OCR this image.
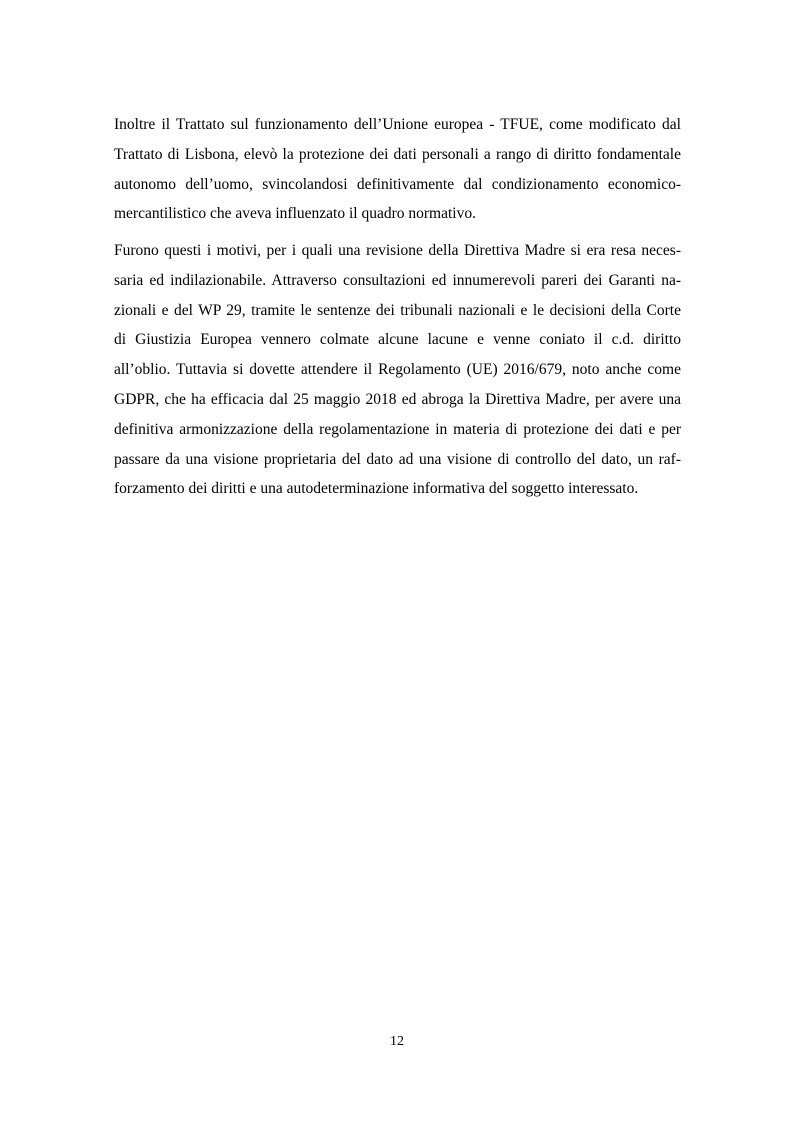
Inoltre il Trattato sul funzionamento dell’Unione europea - TFUE, come modificato dal
Trattato di Lisbona, elevò la protezione dei dati personali a rango di diritto fondamentale
autonomo dell’uomo, svincolandosi definitivamente dal condizionamento economico-
mercantilistico che aveva influenzato il quadro normativo.

Furono questi i motivi, per i quali una revisione della Direttiva Madre si era resa neces-
saria ed indilazionabile. Attraverso consultazioni ed innumerevoli pareri dei Garanti na-
zionali e del WP 29, tramite le sentenze dei tribunali nazionali e le decisioni della Corte
di Giustizia Europea vennero colmate alcune lacune e venne coniato il c.d. diritto
all’oblio. Tuttavia si dovette attendere il Regolamento (UE) 2016/679, noto anche come
GDPR, che ha efficacia dal 25 maggio 2018 ed abroga la Direttiva Madre, per avere una
definitiva armonizzazione della regolamentazione in materia di protezione dei dati e per
passare da una visione proprietaria del dato ad una visione di controllo del dato, un raf-
forzamento dei diritti e una autodeterminazione informativa del soggetto interessato.

12
